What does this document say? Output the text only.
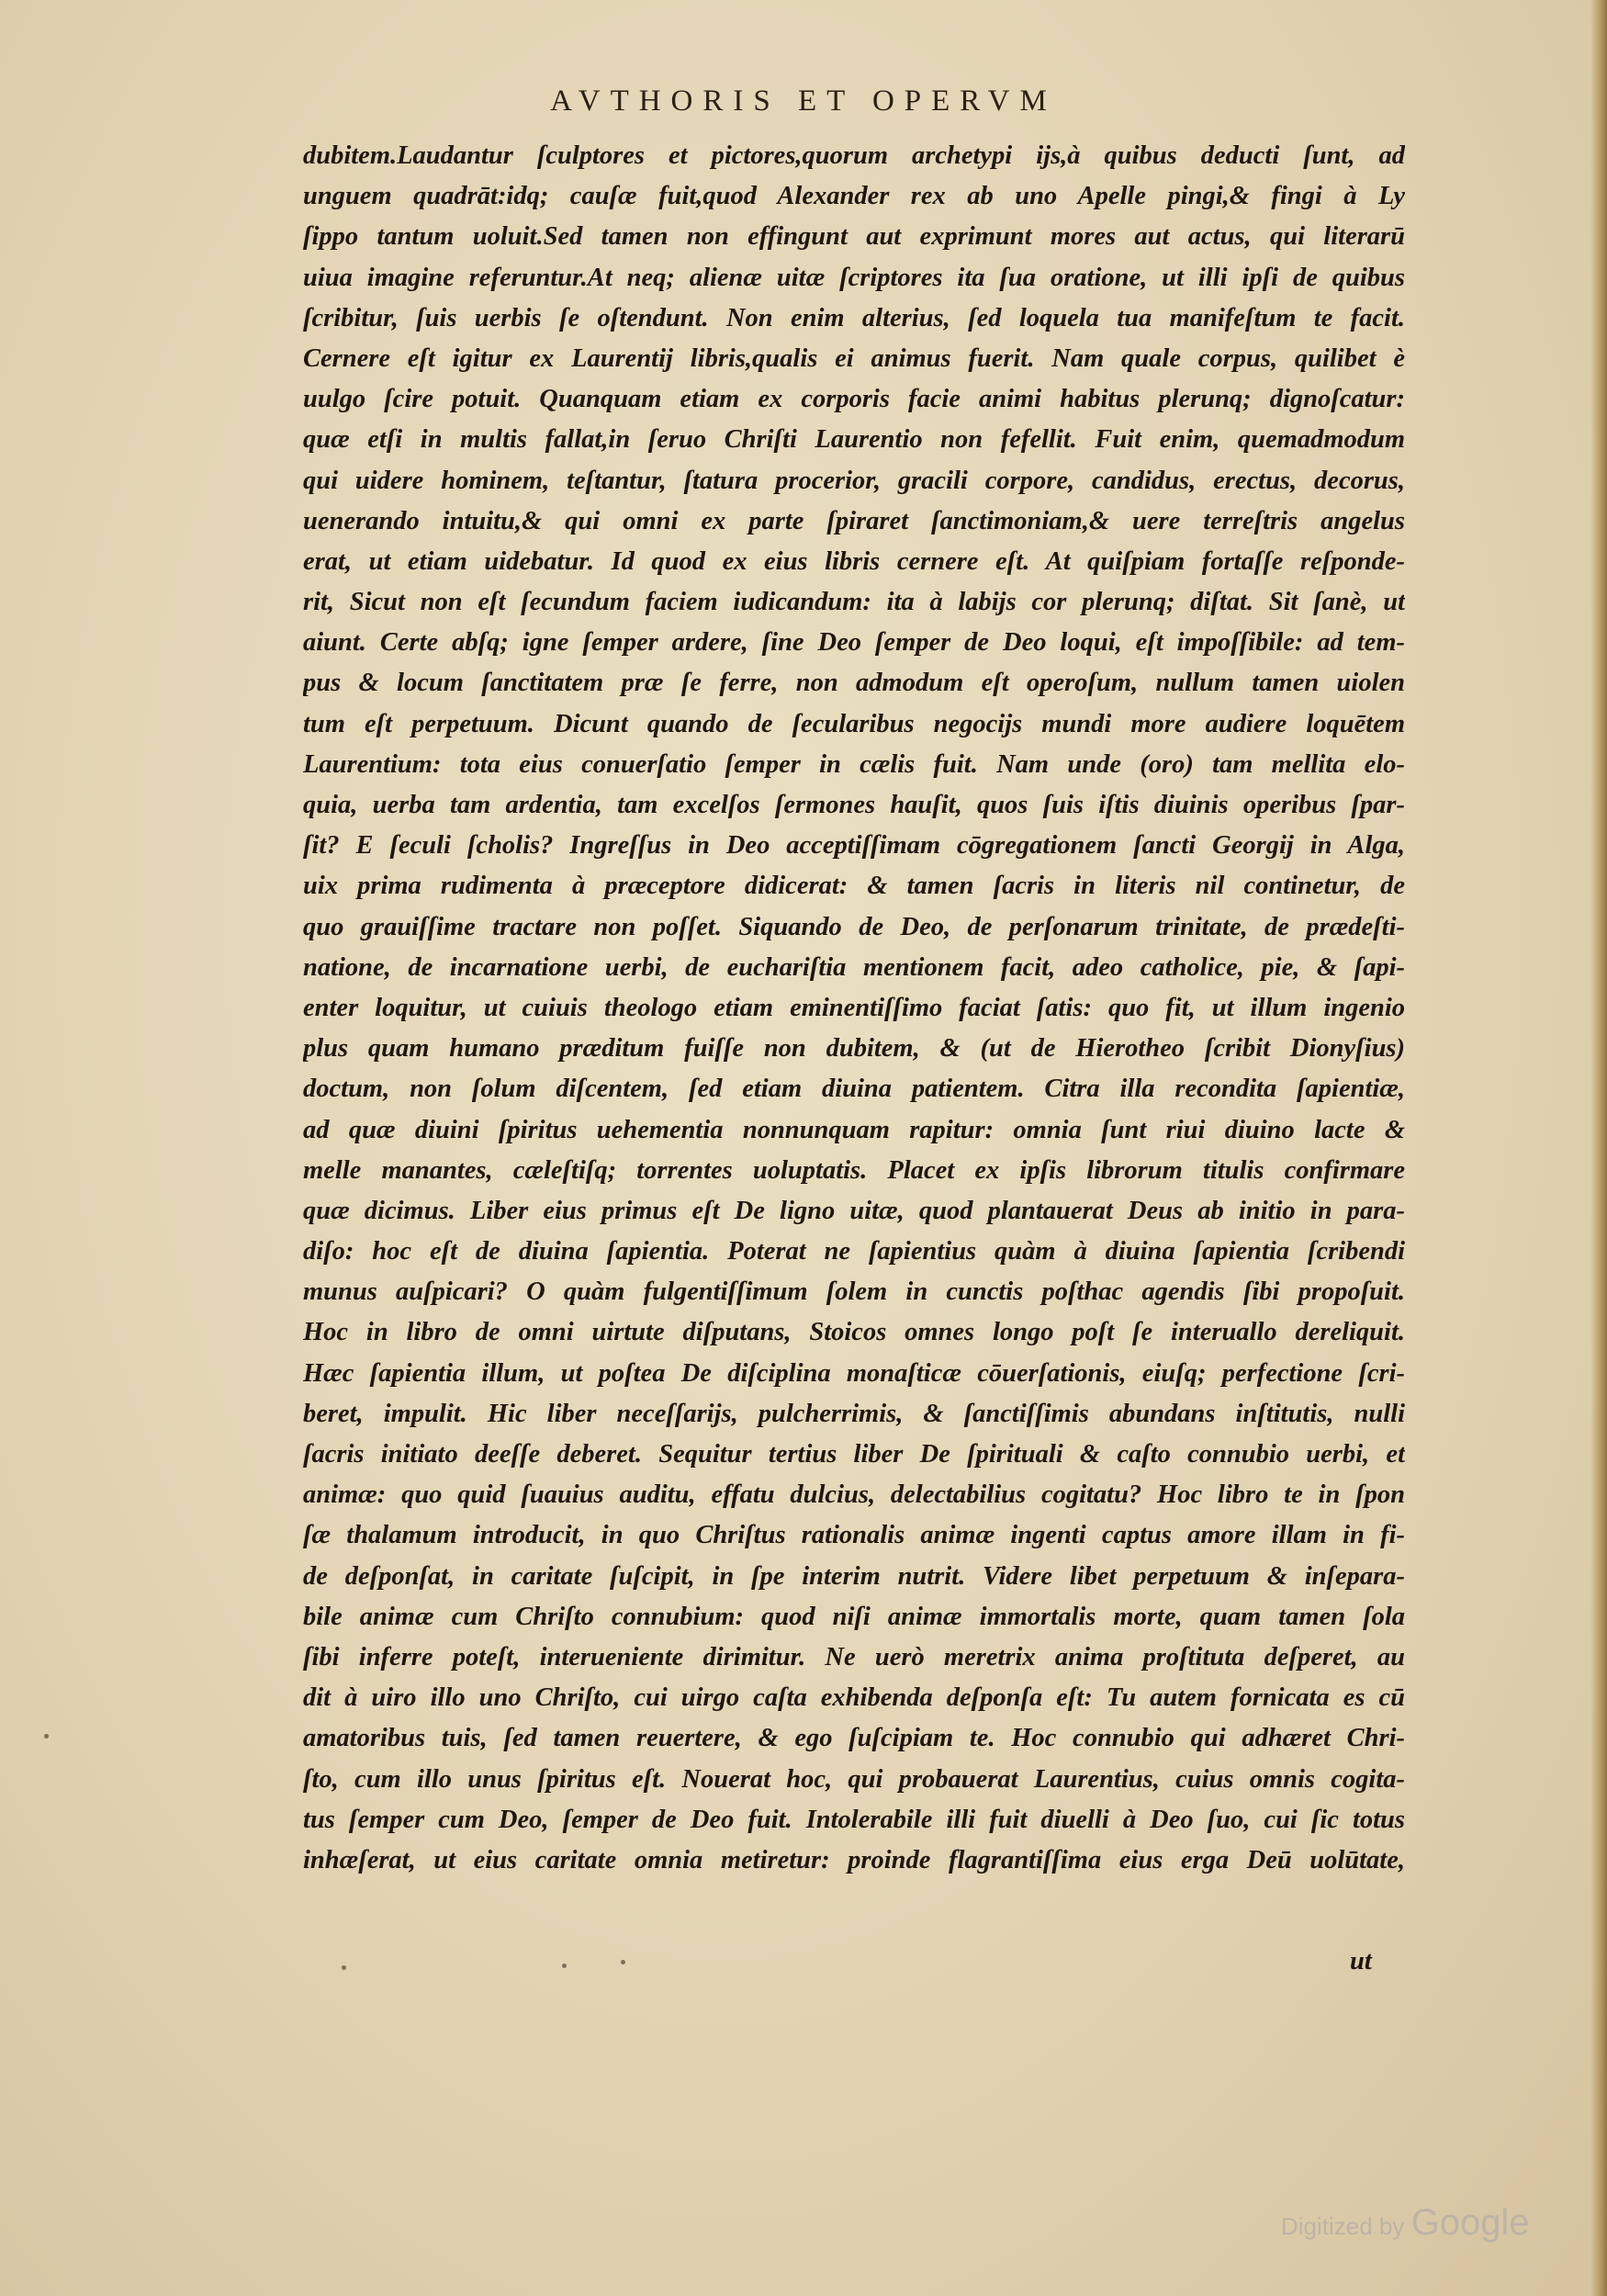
AVTHORIS ET OPERVM
dubitem.Laudantur ſculptores et pictores,quorum archetypi ijs,à quibus deducti ſunt, ad
unguem quadrāt:idq; cauſæ fuit,quod Alexander rex ab uno Apelle pingi,& fingi à Ly
ſippo tantum uoluit.Sed tamen non effingunt aut exprimunt mores aut actus, qui literarū
uiua imagine referuntur.At neq; alienæ uitæ ſcriptores ita ſua oratione, ut illi ipſi de quibus
ſcribitur, ſuis uerbis ſe oſtendunt. Non enim alterius, ſed loquela tua manifeſtum te facit.
Cernere eſt igitur ex Laurentij libris,qualis ei animus fuerit. Nam quale corpus, quilibet è
uulgo ſcire potuit. Quanquam etiam ex corporis facie animi habitus plerunq; dignoſcatur:
quæ etſi in multis fallat,in ſeruo Chriſti Laurentio non fefellit. Fuit enim, quemadmodum
qui uidere hominem, teſtantur, ſtatura procerior, gracili corpore, candidus, erectus, decorus,
uenerando intuitu,& qui omni ex parte ſpiraret ſanctimoniam,& uere terreſtris angelus
erat, ut etiam uidebatur. Id quod ex eius libris cernere eſt. At quiſpiam fortaſſe reſponde-
rit, Sicut non eſt ſecundum faciem iudicandum: ita à labijs cor plerunq; diſtat. Sit ſanè, ut
aiunt. Certe abſq; igne ſemper ardere, ſine Deo ſemper de Deo loqui, eſt impoſſibile: ad tem-
pus & locum ſanctitatem præ ſe ferre, non admodum eſt operoſum, nullum tamen uiolen
tum eſt perpetuum. Dicunt quando de ſecularibus negocijs mundi more audiere loquētem
Laurentium: tota eius conuerſatio ſemper in cælis fuit. Nam unde (oro) tam mellita elo-
quia, uerba tam ardentia, tam excelſos ſermones hauſit, quos ſuis iſtis diuinis operibus ſpar-
ſit? E ſeculi ſcholis? Ingreſſus in Deo acceptiſſimam cōgregationem ſancti Georgij in Alga,
uix prima rudimenta à præceptore didicerat: & tamen ſacris in literis nil continetur, de
quo grauiſſime tractare non poſſet. Siquando de Deo, de perſonarum trinitate, de prædeſti-
natione, de incarnatione uerbi, de euchariſtia mentionem facit, adeo catholice, pie, & ſapi-
enter loquitur, ut cuiuis theologo etiam eminentiſſimo faciat ſatis: quo fit, ut illum ingenio
plus quam humano præditum fuiſſe non dubitem, & (ut de Hierotheo ſcribit Dionyſius)
doctum, non ſolum diſcentem, ſed etiam diuina patientem. Citra illa recondita ſapientiæ,
ad quæ diuini ſpiritus uehementia nonnunquam rapitur: omnia ſunt riui diuino lacte &
melle manantes, cæleſtiſq; torrentes uoluptatis. Placet ex ipſis librorum titulis confirmare
quæ dicimus. Liber eius primus eſt De ligno uitæ, quod plantauerat Deus ab initio in para-
diſo: hoc eſt de diuina ſapientia. Poterat ne ſapientius quàm à diuina ſapientia ſcribendi
munus auſpicari? O quàm fulgentiſſimum ſolem in cunctis poſthac agendis ſibi propoſuit.
Hoc in libro de omni uirtute diſputans, Stoicos omnes longo poſt ſe interuallo dereliquit.
Hæc ſapientia illum, ut poſtea De diſciplina monaſticæ cōuerſationis, eiuſq; perfectione ſcri-
beret, impulit. Hic liber neceſſarijs, pulcherrimis, & ſanctiſſimis abundans inſtitutis, nulli
ſacris initiato deeſſe deberet. Sequitur tertius liber De ſpirituali & caſto connubio uerbi, et
animæ: quo quid ſuauius auditu, effatu dulcius, delectabilius cogitatu? Hoc libro te in ſpon
ſæ thalamum introducit, in quo Chriſtus rationalis animæ ingenti captus amore illam in fi-
de deſponſat, in caritate ſuſcipit, in ſpe interim nutrit. Videre libet perpetuum & inſepara-
bile animæ cum Chriſto connubium: quod niſi animæ immortalis morte, quam tamen ſola
ſibi inferre poteſt, interueniente dirimitur. Ne uerò meretrix anima proſtituta deſperet, au
dit à uiro illo uno Chriſto, cui uirgo caſta exhibenda deſponſa eſt: Tu autem fornicata es cū
amatoribus tuis, ſed tamen reuertere, & ego ſuſcipiam te. Hoc connubio qui adhæret Chri-
ſto, cum illo unus ſpiritus eſt. Nouerat hoc, qui probauerat Laurentius, cuius omnis cogita-
tus ſemper cum Deo, ſemper de Deo fuit. Intolerabile illi fuit diuelli à Deo ſuo, cui ſic totus
inhæſerat, ut eius caritate omnia metiretur: proinde flagrantiſſima eius erga Deū uolūtate,
ut
Digitized by Google
